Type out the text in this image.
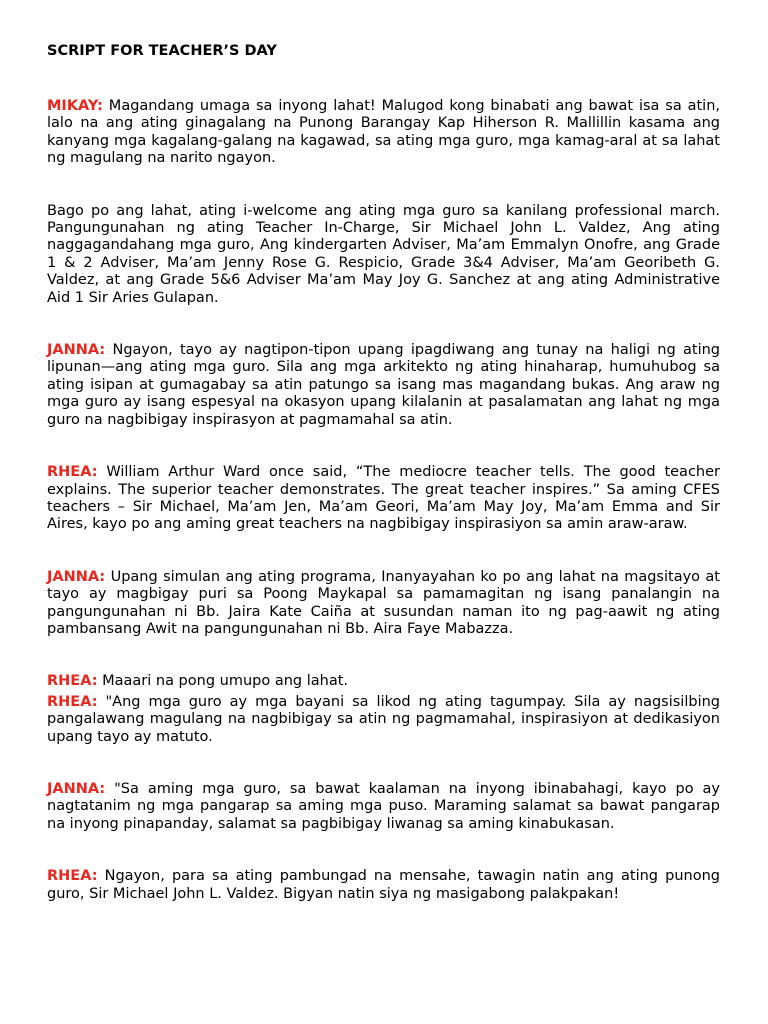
SCRIPT FOR TEACHER’S DAY

MIKAY: Magandang umaga sa inyong lahat! Malugod kong binabati ang bawat isa sa atin, lalo na ang ating ginagalang na Punong Barangay Kap Hiherson R. Mallillin kasama ang kanyang mga kagalang-galang na kagawad, sa ating mga guro, mga kamag-aral at sa lahat ng magulang na narito ngayon.

Bago po ang lahat, ating i-welcome ang ating mga guro sa kanilang professional march. Pangungunahan ng ating Teacher In-Charge, Sir Michael John L. Valdez, Ang ating naggagandahang mga guro, Ang kindergarten Adviser, Ma’am Emmalyn Onofre, ang Grade 1 & 2 Adviser, Ma’am Jenny Rose G. Respicio, Grade 3&4 Adviser, Ma’am Georibeth G. Valdez, at ang Grade 5&6 Adviser Ma’am May Joy G. Sanchez at ang ating Administrative Aid 1 Sir Aries Gulapan.

JANNA: Ngayon, tayo ay nagtipon-tipon upang ipagdiwang ang tunay na haligi ng ating lipunan—ang ating mga guro. Sila ang mga arkitekto ng ating hinaharap, humuhubog sa ating isipan at gumagabay sa atin patungo sa isang mas magandang bukas. Ang araw ng mga guro ay isang espesyal na okasyon upang kilalanin at pasalamatan ang lahat ng mga guro na nagbibigay inspirasyon at pagmamahal sa atin.

RHEA: William Arthur Ward once said, “The mediocre teacher tells. The good teacher explains. The superior teacher demonstrates. The great teacher inspires.” Sa aming CFES teachers – Sir Michael, Ma’am Jen, Ma’am Geori, Ma’am May Joy, Ma’am Emma and Sir Aires, kayo po ang aming great teachers na nagbibigay inspirasiyon sa amin araw-araw.

JANNA: Upang simulan ang ating programa, Inanyayahan ko po ang lahat na magsitayo at tayo ay magbigay puri sa Poong Maykapal sa pamamagitan ng isang panalangin na pangungunahan ni Bb. Jaira Kate Caiña at susundan naman ito ng pag-aawit ng ating pambansang Awit na pangungunahan ni Bb. Aira Faye Mabazza.

RHEA: Maaari na pong umupo ang lahat.

RHEA: "Ang mga guro ay mga bayani sa likod ng ating tagumpay. Sila ay nagsisilbing pangalawang magulang na nagbibigay sa atin ng pagmamahal, inspirasiyon at dedikasiyon upang tayo ay matuto.

JANNA: "Sa aming mga guro, sa bawat kaalaman na inyong ibinabahagi, kayo po ay nagtatanim ng mga pangarap sa aming mga puso. Maraming salamat sa bawat pangarap na inyong pinapanday, salamat sa pagbibigay liwanag sa aming kinabukasan.

RHEA: Ngayon, para sa ating pambungad na mensahe, tawagin natin ang ating punong guro, Sir Michael John L. Valdez. Bigyan natin siya ng masigabong palakpakan!
